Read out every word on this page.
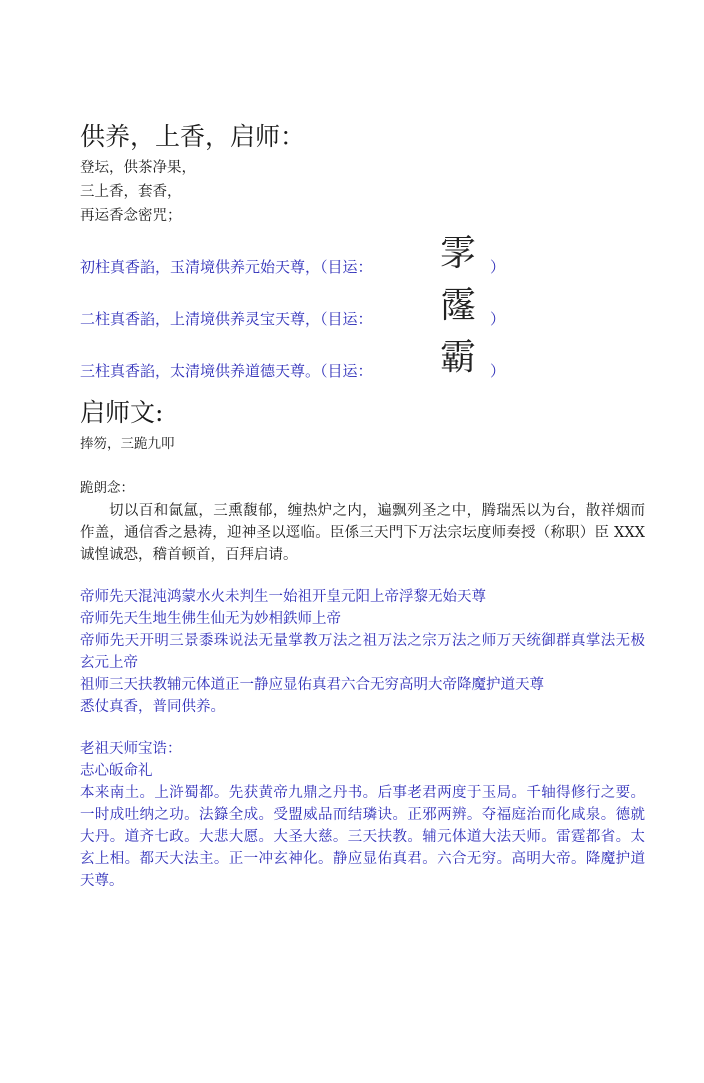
供养，上香，启师：
登坛，供茶净果，
三上香，套香，
再运香念密咒；
初柱真香諂，玉清境供养元始天尊，（目运： 雺 ）
二柱真香諂，上清境供养灵宝天尊，（目运： 霳 ）
三柱真香諂，太清境供养道德天尊。（目运： 霸 ）
启师文:
捧笏，三跪九叩
跪朗念：
切以百和氤氲，三熏馥郁，缠热炉之内，遍飘列圣之中，腾瑞炁以为台，散祥烟而作盖，通信香之悬祷，迎神圣以逕临。臣係三天門下万法宗坛度师奏授（称职）臣 XXX 诚惶诚恐，稽首顿首，百拜启请。
帝师先天混沌鸿蒙水火未判生一始祖开皇元阳上帝浮黎无始天尊
帝师先天生地生佛生仙无为妙相鉄师上帝
帝师先天开明三景黍珠说法无量掌教万法之祖万法之宗万法之师万天统御群真掌法无极玄元上帝
祖师三天扶教辅元体道正一静应显佑真君六合无穷高明大帝降魔护道天尊
悉仗真香，普同供养。
老祖天师宝诰：
志心皈命礼
本来南土。上浒蜀都。先获黄帝九鼎之丹书。后事老君两度于玉局。千轴得修行之要。一时成吐纳之功。法籙全成。受盟威品而结璘诀。正邪两辨。夺福庭治而化咸泉。德就大丹。道齐七政。大悲大愿。大圣大慈。三天扶教。辅元体道大法天师。雷霆都省。太玄上相。都天大法主。正一冲玄神化。静应显佑真君。六合无穷。高明大帝。降魔护道天尊。
